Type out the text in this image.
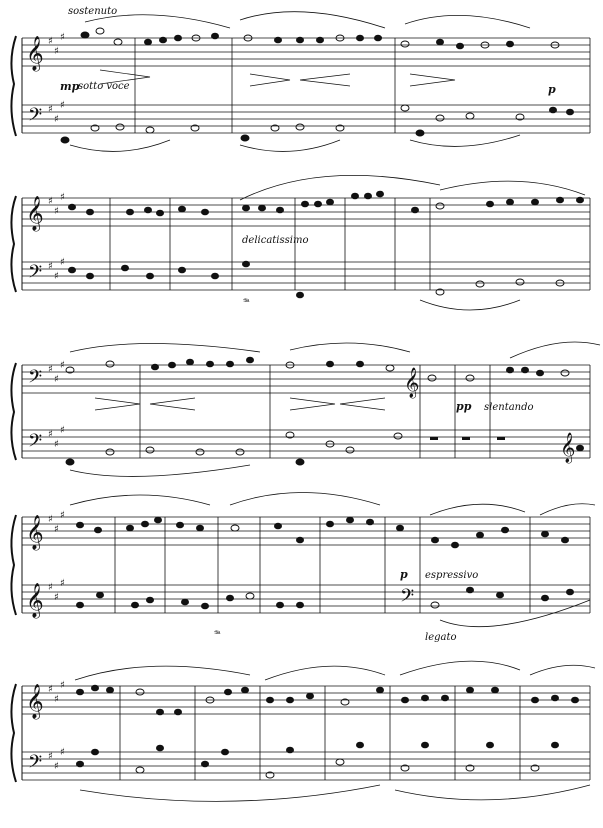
𝄞
𝄢
♯
♯
♯
♯
♯
♯
sostenuto
mp
sotto voce	p
𝄞
𝄢
♯
♯
♯
♯
♯
♯
delicatissimo
𝆮
𝄢
𝄢
𝄞
𝄞
♯
♯
♯
♯
♯
♯
pp slentando
𝄞
𝄞	𝄢
♯
♯
♯
♯
♯
♯
p espressivo
legato
𝆮
𝄞
𝄢
♯
♯
♯
♯
♯
♯
